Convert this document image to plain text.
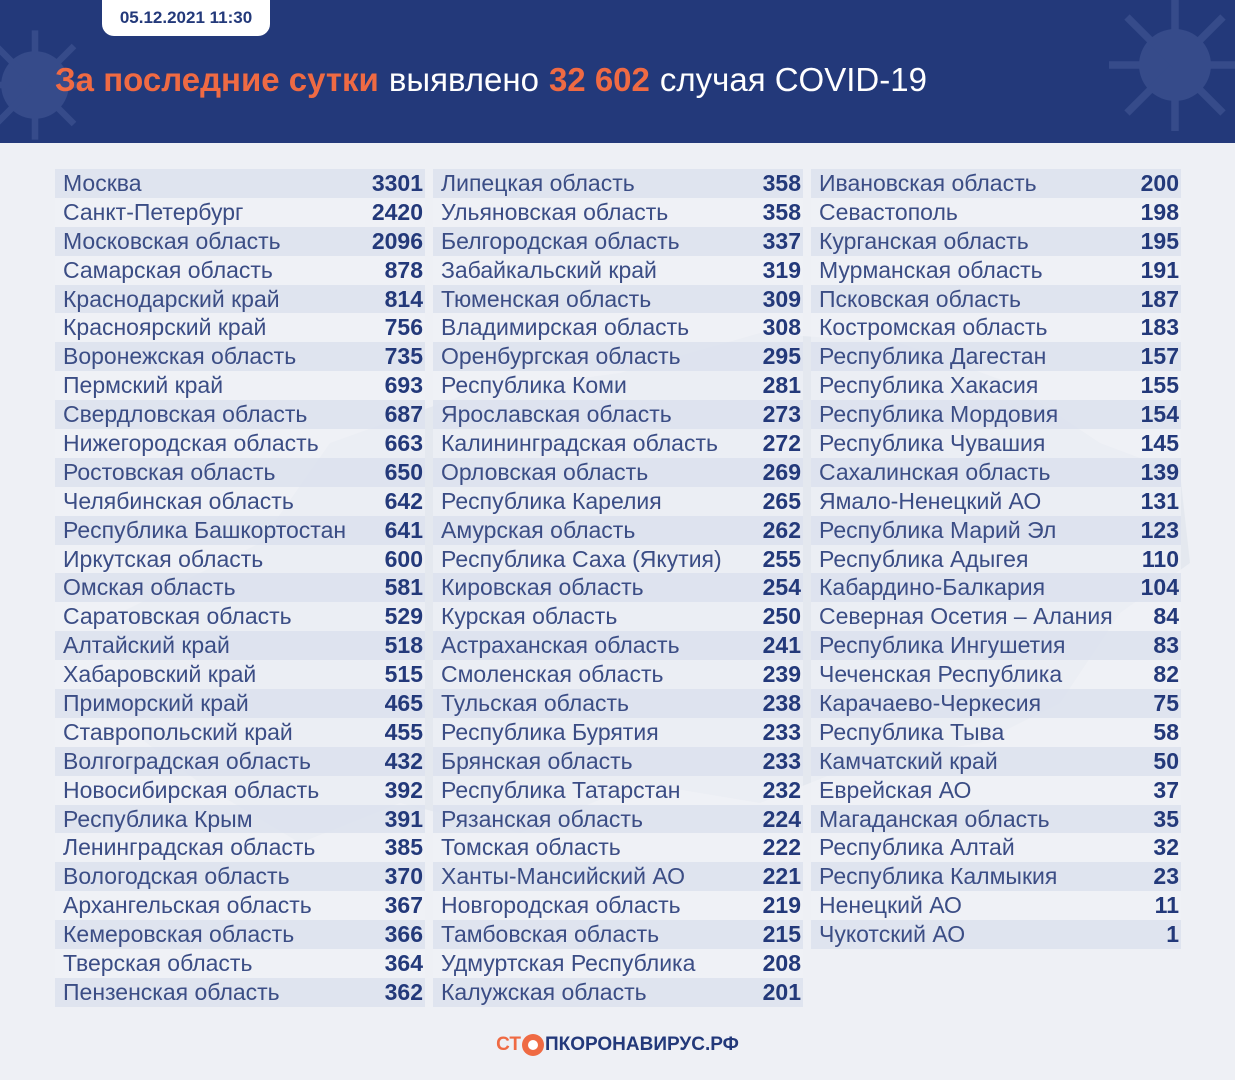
05.12.2021 11:30
За последние сутки выявлено 32 602 случая COVID-19
Москва	3301
Санкт-Петербург	2420
Московская область	2096
Самарская область	878
Краснодарский край	814
Красноярский край	756
Воронежская область	735
Пермский край	693
Свердловская область	687
Нижегородская область	663
Ростовская область	650
Челябинская область	642
Республика Башкортостан 641
Иркутская область	600
Омская область	581
Саратовская область	529
Алтайский край	518
Хабаровский край	515
Приморский край	465
Ставропольский край	455
Волгоградская область	432
Новосибирская область	392
Республика Крым	391
Ленинградская область	385
Вологодская область	370
Архангельская область	367
Кемеровская область	366
Тверская область	364
Пензенская область	362
Липецкая область	358
Ульяновская область	358
Белгородская область	337
Забайкальский край	319
Тюменская область	309
Владимирская область	308
Оренбургская область	295
Республика Коми	281
Ярославская область	273
Калининградская область 272
Орловская область	269
Республика Карелия	265
Амурская область	262
Республика Саха (Якутия) 255
Кировская область	254
Курская область	250
Астраханская область	241
Смоленская область	239
Тульская область	238
Республика Бурятия	233
Брянская область	233
Республика Татарстан	232
Рязанская область	224
Томская область	222
Ханты-Мансийский АО	221
Новгородская область	219
Тамбовская область	215
Удмуртская Республика	208
Калужская область	201
Ивановская область	200
Севастополь	198
Курганская область	195
Мурманская область	191
Псковская область	187
Костромская область	183
Республика Дагестан	157
Республика Хакасия	155
Республика Мордовия	154
Республика Чувашия	145
Сахалинская область	139
Ямало-Ненецкий АО	131
Республика Марий Эл	123
Республика Адыгея	110
Кабардино-Балкария	104
Северная Осетия – Алания 84
Республика Ингушетия	83
Чеченская Республика	82
Карачаево-Черкесия	75
Республика Тыва	58
Камчатский край	50
Еврейская АО	37
Магаданская область	35
Республика Алтай	32
Республика Калмыкия	23
Ненецкий АО	11
Чукотский АО	1
СТ ПКОРОНАВИРУС.РФ
